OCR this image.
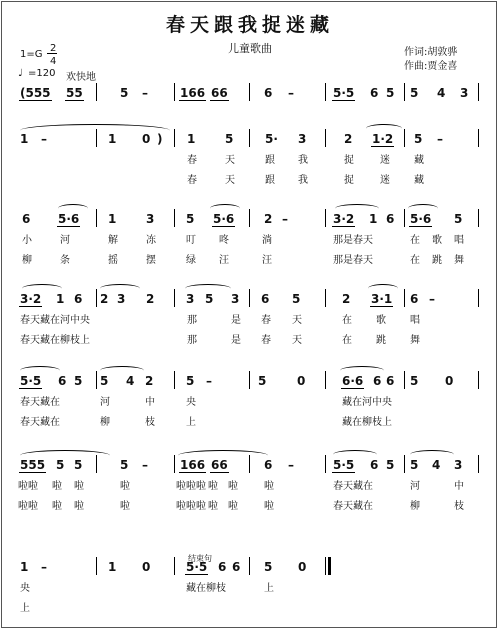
春天跟我捉迷藏
儿童歌曲	作词:胡敦骅
作曲:贾金喜
1=G
2
4
♩ =120 欢快地
结束句
(555 55	5 –	166 66	6 –	5·5 6 5 5 4 3
1 –	1 0 ) 1 5	5· 3	2 1·2 5 –
春	天	跟 我	捉	迷 藏
春	天	跟 我	捉	迷 藏
6 5·6 1 3	5 5·6 2 –	3·2 1 6 5·6 5
小	河	解	冻	叮 咚	淌	那是春天	在 歌 唱
柳	条	摇	摆	绿 汪	汪	那是春天	在 跳 舞
3·2 1 6 2 3 2	3 5 3 6 5	2 3·1 6 –
春天藏在河中央	那	是 春 天	在 歌 唱
春天藏在柳枝上	那	是 春 天	在 跳 舞
5·5 6 5 5 4 2	5 –	5	0	6·6 6 6 5 0
春天藏在	河	中	央	藏在河中央
春天藏在	柳	枝	上	藏在柳枝上
555 5 5	5 –	166 66	6 –	5·5 6 5 5 4 3
啦啦 啦 啦	啦	啦啦啦 啦 啦	啦	春天藏在	河	中
啦啦 啦 啦	啦	啦啦啦 啦 啦	啦	春天藏在	柳	枝
1 –	1 0	5·5 6 6 5 0
央	藏在柳枝	上
上
